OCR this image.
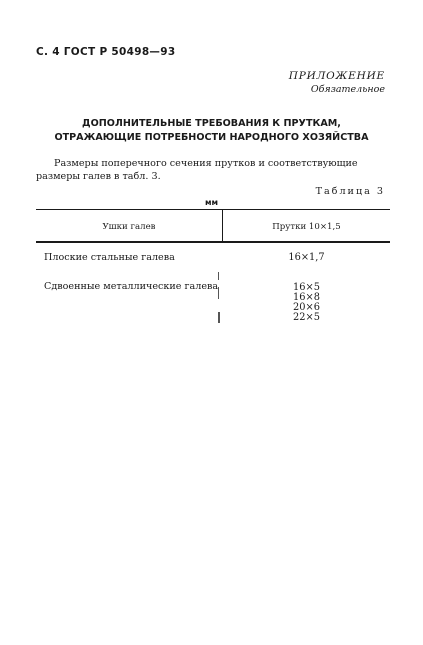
С. 4 ГОСТ Р 50498—93
ПРИЛОЖЕНИЕ
Обязательное
ДОПОЛНИТЕЛЬНЫЕ ТРЕБОВАНИЯ К ПРУТКАМ,
ОТРАЖАЮЩИЕ ПОТРЕБНОСТИ НАРОДНОГО ХОЗЯЙСТВА
Размеры поперечного сечения прутков и соответствующие размеры галев в табл. 3.
Таблица 3
мм
Ушки галев	Прутки 10×1,5
Плоские стальные галева	16×1,7
Сдвоенные металлические галева	16×5
16×8
20×6
22×5
